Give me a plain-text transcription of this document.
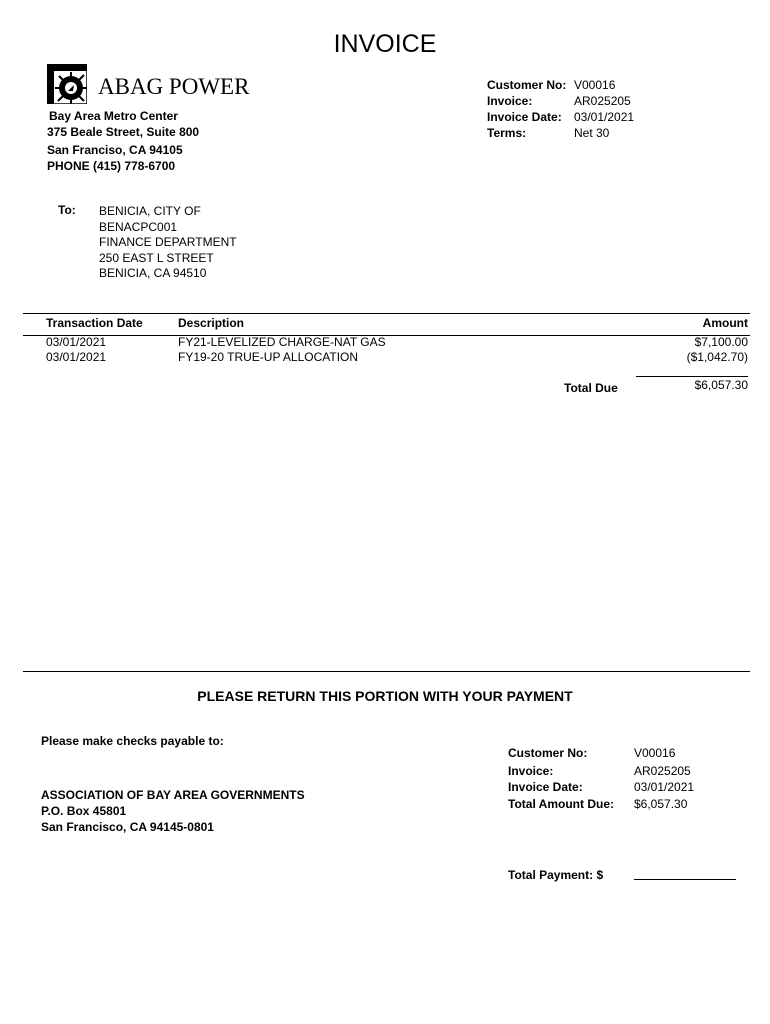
INVOICE
ABAG POWER
Bay Area Metro Center
375 Beale Street, Suite 800
San Franciso, CA 94105
PHONE (415) 778-6700
Customer No: V00016
Invoice:	AR025205
Invoice Date:	03/01/2021
Terms:	Net 30
To: BENICIA, CITY OF
BENACPC001
FINANCE DEPARTMENT
250 EAST L STREET
BENICIA, CA 94510
Transaction Date	Description	Amount
03/01/2021	FY21-LEVELIZED CHARGE-NAT GAS	$7,100.00
03/01/2021	FY19-20 TRUE-UP ALLOCATION	($1,042.70)
Total Due	$6,057.30
PLEASE RETURN THIS PORTION WITH YOUR PAYMENT
Please make checks payable to:
ASSOCIATION OF BAY AREA GOVERNMENTS
P.O. Box 45801
San Francisco, CA 94145-0801
Customer No:	V00016
Invoice:	AR025205
Invoice Date:	03/01/2021
Total Amount Due:	$6,057.30
Total Payment: $
